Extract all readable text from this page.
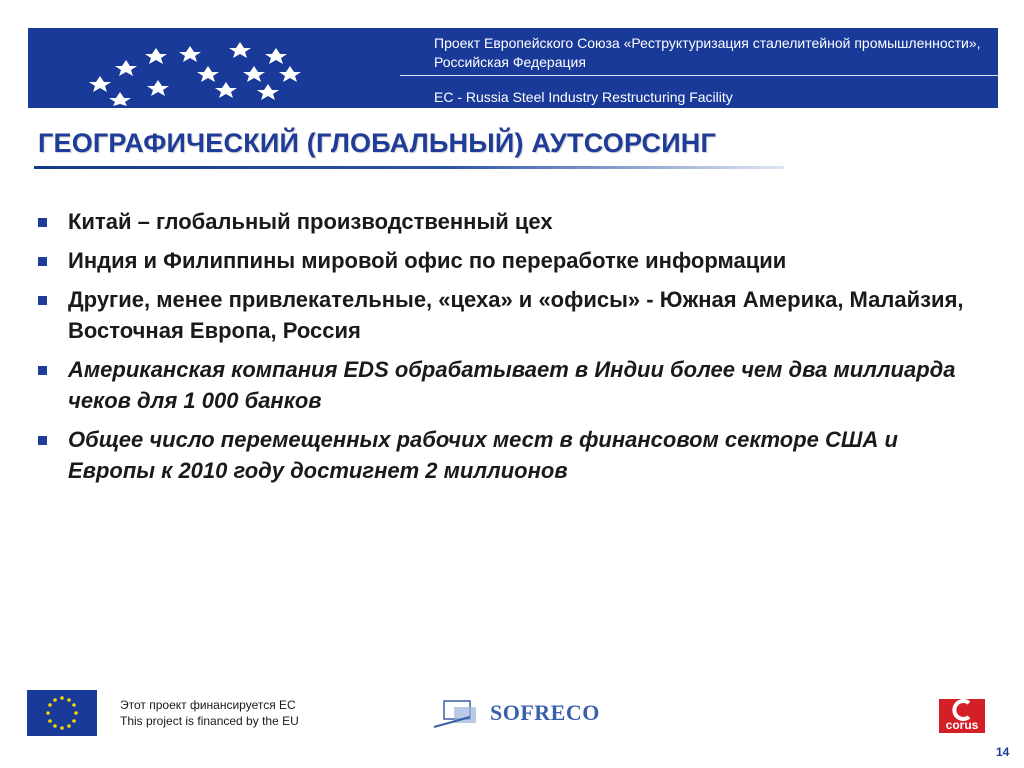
Проект Европейского Союза «Реструктуризация сталелитейной промышленности», Российская Федерация
EC - Russia Steel Industry Restructuring Facility
ГЕОГРАФИЧЕСКИЙ (ГЛОБАЛЬНЫЙ) АУТСОРСИНГ
Китай – глобальный производственный цех
Индия и Филиппины мировой офис по переработке информации
Другие, менее привлекательные, «цеха» и «офисы» - Южная Америка, Малайзия, Восточная Европа, Россия
Американская компания EDS обрабатывает в Индии более чем два миллиарда чеков для 1 000 банков
Общее число перемещенных рабочих мест в финансовом секторе США и Европы к 2010 году достигнет 2 миллионов
Этот проект финансируется ЕС
This project is financed by the EU	SOFRECO	corus
14
